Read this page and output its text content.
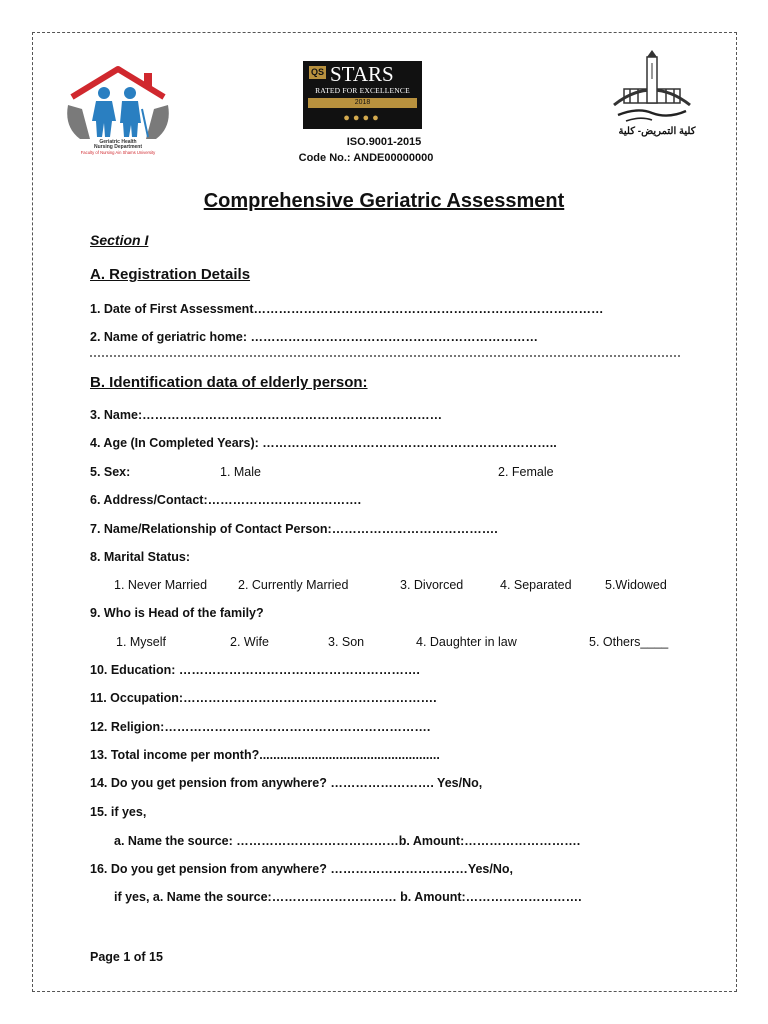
Geriatric Health
Nursing Department
Faculty of Nursing Ain Shams University
QS STARS
RATED FOR EXCELLENCE
2018
●●●●
ISO.9001-2015
Code No.: ANDE00000000
كلية التمريض- كلية
Comprehensive Geriatric Assessment
Section I
A. Registration Details
1. Date of First Assessment…………………………………………………………………………
2. Name of geriatric home: ……………………………………………………………
B. Identification data of elderly person:
3. Name:………………………………………………………………
4. Age (In Completed Years): ……………………………………………………………..
5. Sex:	1. Male	2. Female
6. Address/Contact:……………………………….
7. Name/Relationship of Contact Person:………………………………….
8. Marital Status:
1. Never Married 2. Currently Married	3. Divorced	4. Separated	5.Widowed
9. Who is Head of the family?
1. Myself	2. Wife	3. Son	4. Daughter in law	5. Others____
10. Education: ………………………………………………….
11. Occupation:…………………………………………………….
12. Religion:……………………………………………………….
13. Total income per month?....................................................
14. Do you get pension from anywhere? ……………………. Yes/No,
15. if yes,
a. Name the source: …………………………………b. Amount:……………………….
16. Do you get pension from anywhere? ……………………………Yes/No,
if yes, a. Name the source:………………………… b. Amount:……………………….
Page 1 of 15
